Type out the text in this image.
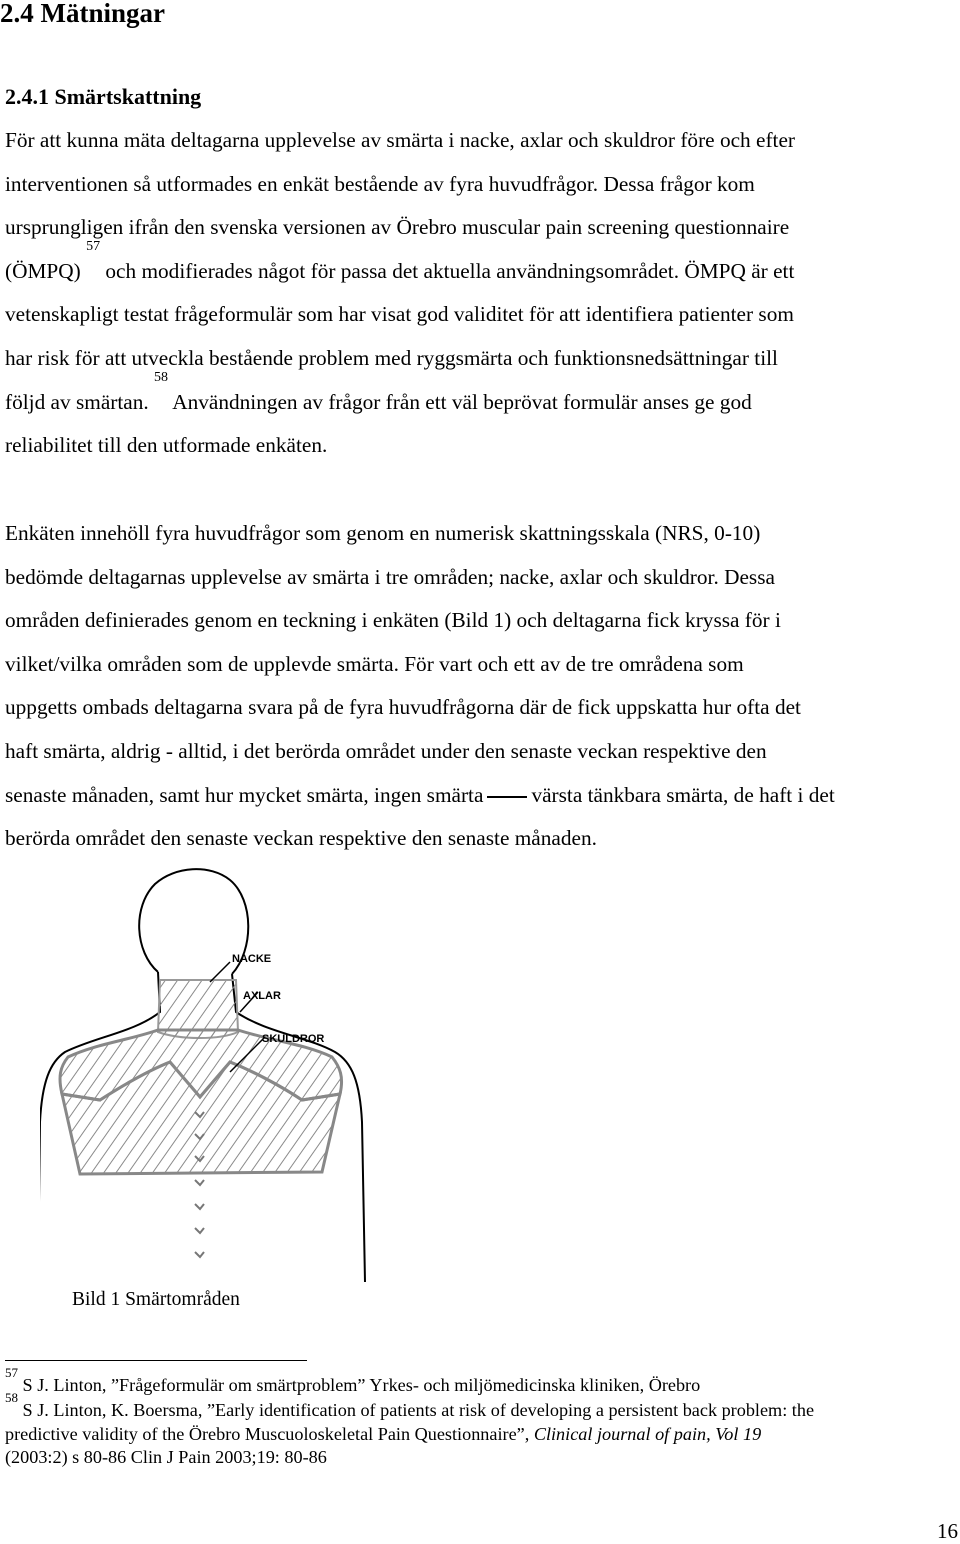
2.4 Mätningar
2.4.1 Smärtskattning

För att kunna mäta deltagarna upplevelse av smärta i nacke, axlar och skuldror före och efter
interventionen så utformades en enkät bestående av fyra huvudfrågor. Dessa frågor kom
ursprungligen ifrån den svenska versionen av Örebro muscular pain screening questionnaire
(ÖMPQ) $^{57}$ och modifierades något för passa det aktuella användningsområdet. ÖMPQ är ett
vetenskapligt testat frågeformulär som har visat god validitet för att identifiera patienter som
har risk för att utveckla bestående problem med ryggsmärta och funktionsnedsättningar till
följd av smärtan. $^{58}$ Användningen av frågor från ett väl beprövat formulär anses ge god
reliabilitet till den utformade enkäten.

Enkäten innehöll fyra huvudfrågor som genom en numerisk skattningsskala (NRS, 0-10)
bedömde deltagarnas upplevelse av smärta i tre områden; nacke, axlar och skuldror. Dessa
områden definierades genom en teckning i enkäten (Bild 1) och deltagarna fick kryssa för i
vilket/vilka områden som de upplevde smärta. För vart och ett av de tre områdena som
uppgetts ombads deltagarna svara på de fyra huvudfrågorna där de fick uppskatta hur ofta det
haft smärta, aldrig - alltid, i det berörda området under den senaste veckan respektive den
senaste månaden, samt hur mycket smärta, ingen smärta värsta tänkbara smärta, de haft i det
berörda området den senaste veckan respektive den senaste månaden.

NACKE
AXLAR
SKULDROR
Bild 1 Smärtområden
$^{57}$ S J. Linton, ”Frågeformulär om smärtproblem” Yrkes- och miljömedicinska kliniken, Örebro
$^{58}$ S J. Linton, K. Boersma, ”Early identification of patients at risk of developing a persistent back problem: the
predictive validity of the Örebro Muscuoloskeletal Pain Questionnaire”, Clinical journal of pain, Vol 19
(2003:2) s 80-86 Clin J Pain 2003;19: 80-86
16
